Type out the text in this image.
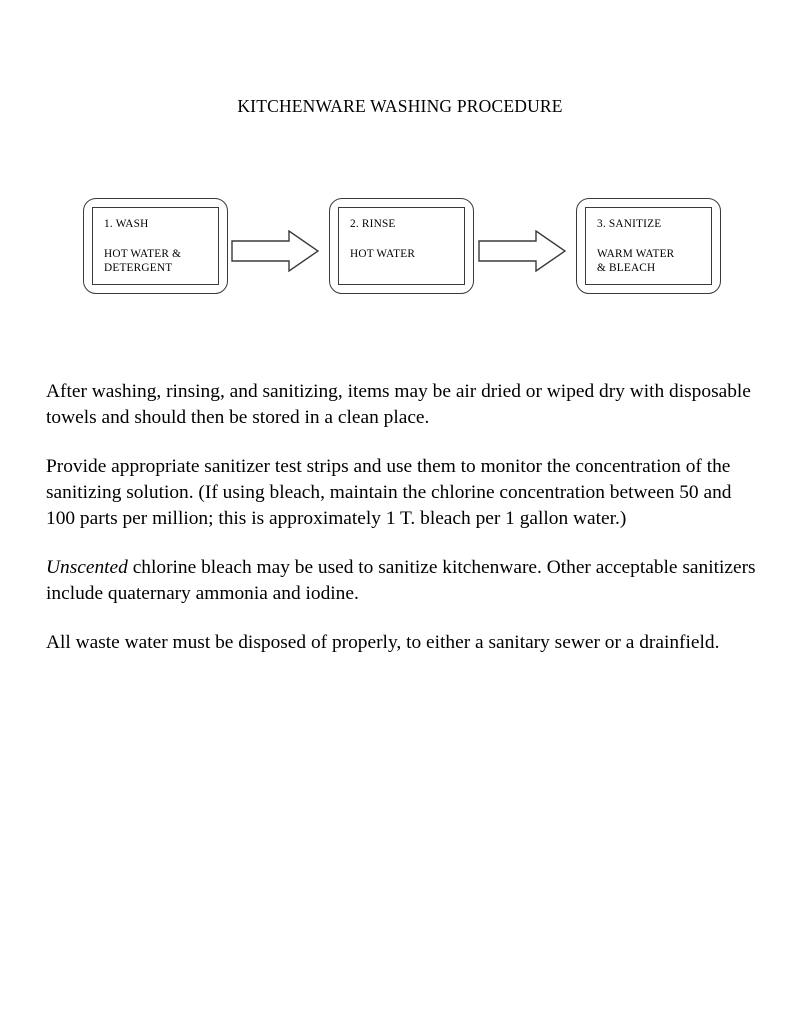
KITCHENWARE WASHING PROCEDURE
1. WASH
HOT WATER &
DETERGENT
2. RINSE
HOT WATER
3. SANITIZE
WARM WATER
& BLEACH

After washing, rinsing, and sanitizing, items may be air dried or wiped dry with disposable towels and should then be stored in a clean place.

Provide appropriate sanitizer test strips and use them to monitor the concentration of the sanitizing solution. (If using bleach, maintain the chlorine concentration between 50 and 100 parts per million; this is approximately 1 T. bleach per 1 gallon water.)

Unscented chlorine bleach may be used to sanitize kitchenware. Other acceptable sanitizers include quaternary ammonia and iodine.

All waste water must be disposed of properly, to either a sanitary sewer or a drainfield.
